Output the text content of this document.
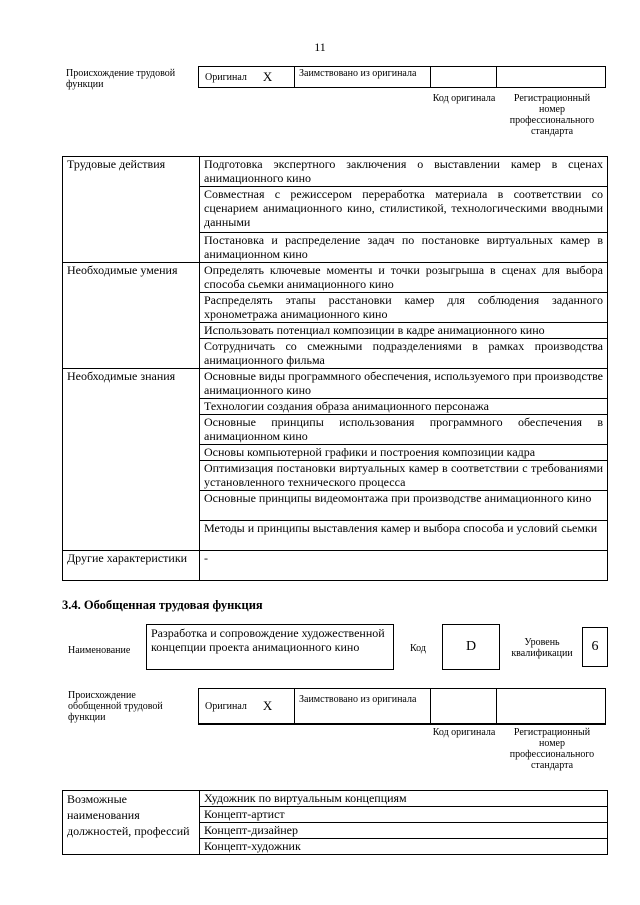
11
Происхождение трудовой функции
Оригинал X	Заимствовано из оригинала
Код оригинала	Регистрационный номер профессионального стандарта
Трудовые действия	Подготовка экспертного заключения о выставлении камер в сценах анимационного кино
	Совместная с режиссером переработка материала в соответствии со сценарием анимационного кино, стилистикой, технологическими вводными данными
	Постановка и распределение задач по постановке виртуальных камер в анимационном кино
Необходимые умения	Определять ключевые моменты и точки розыгрыша в сценах для выбора способа сьемки анимационного кино
	Распределять этапы расстановки камер для соблюдения заданного хронометража анимационного кино
	Использовать потенциал композиции в кадре анимационного кино
	Сотрудничать со смежными подразделениями в рамках производства анимационного фильма
Необходимые знания	Основные виды программного обеспечения, используемого при производстве анимационного кино
	Технологии создания образа анимационного персонажа
	Основные принципы использования программного обеспечения в анимационном кино
	Основы компьютерной графики и построения композиции кадра
	Оптимизация постановки виртуальных камер в соответствии с требованиями установленного технического процесса
	Основные принципы видеомонтажа при производстве анимационного кино
	Методы и принципы выставления камер и выбора способа и условий сьемки
Другие характеристики	-
3.4. Обобщенная трудовая функция
Наименование
Разработка и сопровождение художественной концепции проекта анимационного кино	Код	D	Уровень квалификации	6
Происхождение обобщенной трудовой функции
Оригинал X	Заимствовано из оригинала
Код оригинала	Регистрационный номер профессионального стандарта
Возможные наименования должностей, профессий	Художник по виртуальным концепциям
Концепт-артист
Концепт-дизайнер
Концепт-художник
